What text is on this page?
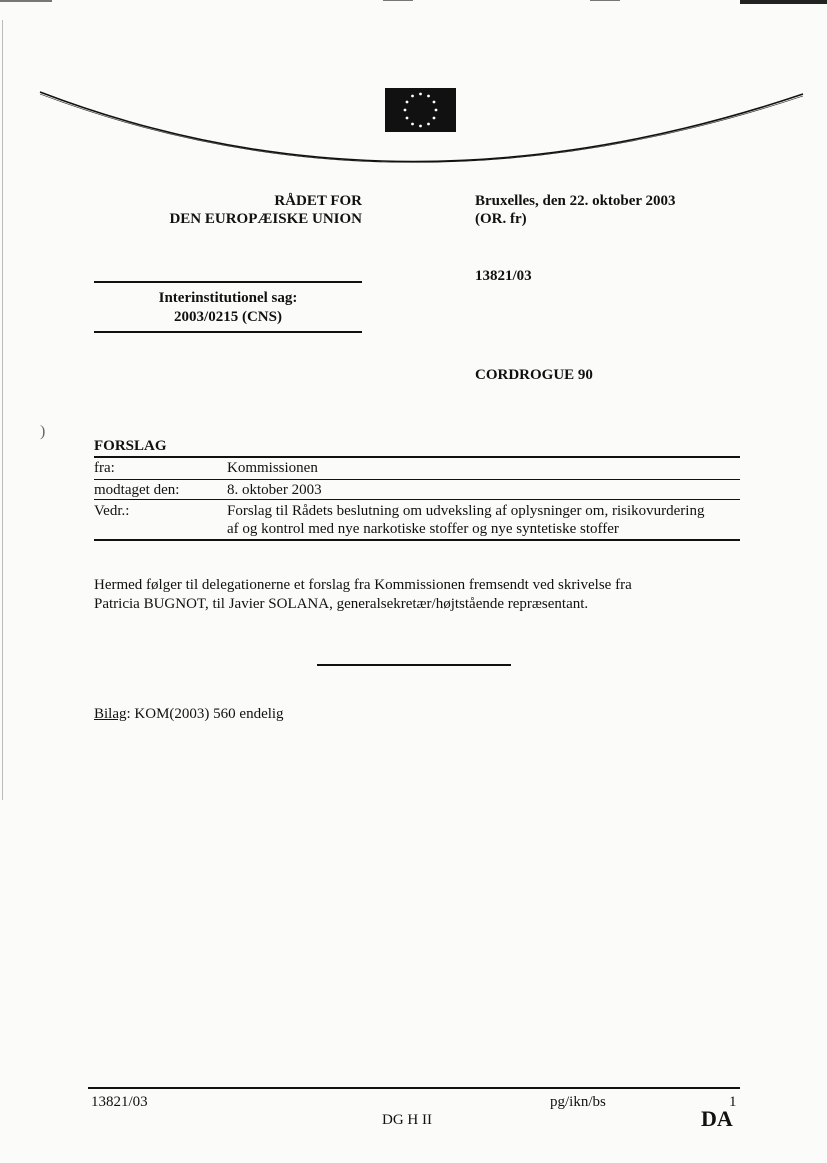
RÅDET FOR
DEN EUROPÆISKE UNION
Bruxelles, den 22. oktober 2003
(OR. fr)
13821/03
Interinstitutionel sag:
2003/0215 (CNS)
CORDROGUE 90
)
FORSLAG
fra:	Kommissionen
modtaget den:	8. oktober 2003
Vedr.:	Forslag til Rådets beslutning om udveksling af oplysninger om, risikovurdering
af og kontrol med nye narkotiske stoffer og nye syntetiske stoffer
Hermed følger til delegationerne et forslag fra Kommissionen fremsendt ved skrivelse fra
Patricia BUGNOT, til Javier SOLANA, generalsekretær/højtstående repræsentant.
Bilag: KOM(2003) 560 endelig
13821/03	pg/ikn/bs	1
DG H II	DA
